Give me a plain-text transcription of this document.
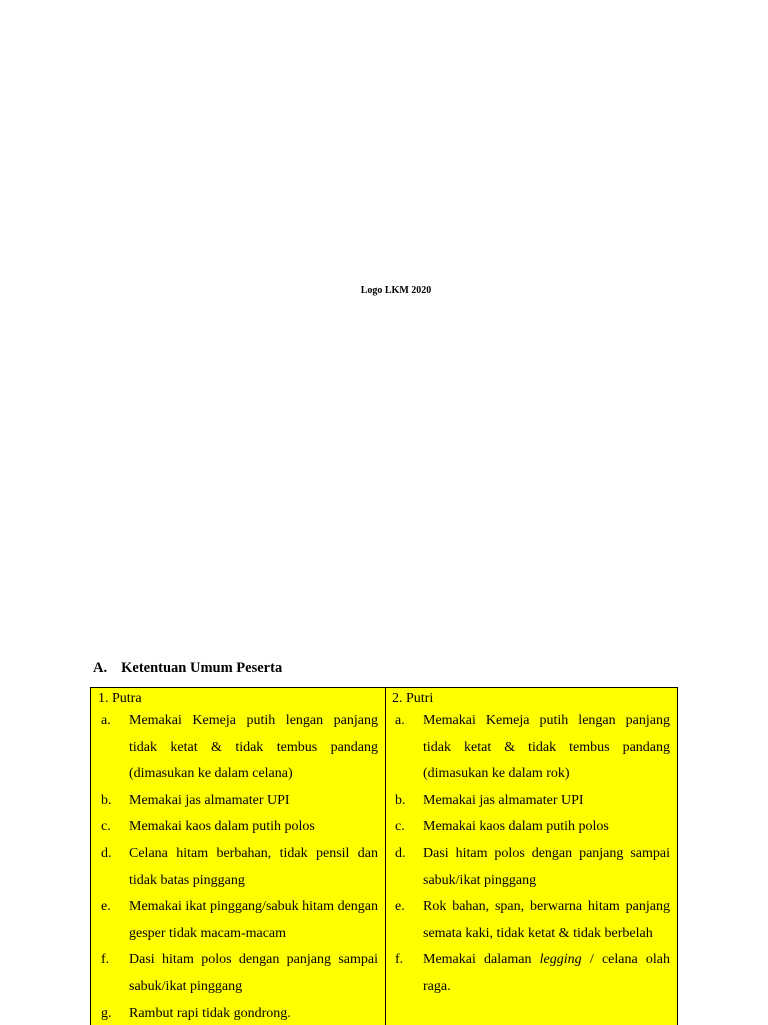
Logo LKM 2020
A. Ketentuan Umum Peserta
1. Putra
a.	Memakai Kemeja putih lengan panjang tidak ketat & tidak tembus pandang (dimasukan ke dalam celana)
b.	Memakai jas almamater UPI
c.	Memakai kaos dalam putih polos
d.	Celana hitam berbahan, tidak pensil dan tidak batas pinggang
e.	Memakai ikat pinggang/sabuk hitam dengan gesper tidak macam-macam
f.	Dasi hitam polos dengan panjang sampai sabuk/ikat pinggang
g.	Rambut rapi tidak gondrong.
2. Putri
a.	Memakai Kemeja putih lengan panjang tidak ketat & tidak tembus pandang (dimasukan ke dalam rok)
b.	Memakai jas almamater UPI
c.	Memakai kaos dalam putih polos
d.	Dasi hitam polos dengan panjang sampai sabuk/ikat pinggang
e.	Rok bahan, span, berwarna hitam panjang semata kaki, tidak ketat & tidak berbelah
f.	Memakai dalaman legging / celana olah raga.
